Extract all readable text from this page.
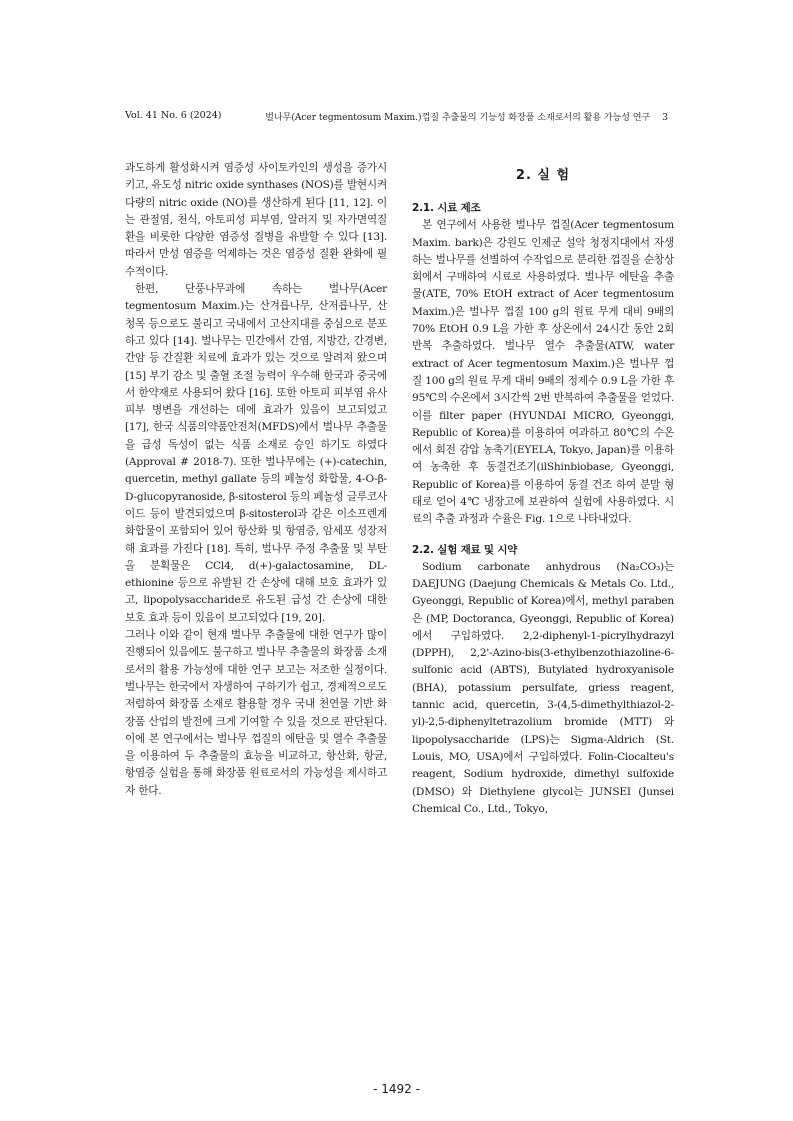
Vol. 41 No. 6 (2024)	벌나무(Acer tegmentosum Maxim.)껍질 추출물의 기능성 화장품 소재로서의 활용 가능성 연구 3

과도하게 활성화시켜 염증성 사이토카인의 생성을 증가시키고, 유도성 nitric oxide synthases (NOS)를 발현시켜 다량의 nitric oxide (NO)를 생산하게 된다 [11, 12]. 이는 관절염, 천식, 아토피성 피부염, 알러지 및 자가면역질환을 비롯한 다양한 염증성 질병을 유발할 수 있다 [13]. 따라서 만성 염증을 억제하는 것은 염증성 질환 완화에 필수적이다.

한편, 단풍나무과에 속하는 벌나무(Acer tegmentosum Maxim.)는 산겨릅나무, 산저릅나무, 산청목 등으로도 불리고 국내에서 고산지대를 중심으로 분포하고 있다 [14]. 벌나무는 민간에서 간염, 지방간, 간경변, 간암 등 간질환 치료에 효과가 있는 것으로 알려져 왔으며 [15] 부기 감소 및 출혈 조절 능력이 우수해 한국과 중국에서 한약재로 사용되어 왔다 [16]. 또한 아토피 피부염 유사 피부 병변을 개선하는 데에 효과가 있음이 보고되었고 [17], 한국 식품의약품안전처(MFDS)에서 벌나무 추출물을 급성 독성이 없는 식품 소재로 승인 하기도 하였다 (Approval # 2018-7). 또한 벌나무에는 (+)-catechin, quercetin, methyl gallate 등의 페놀성 화합물, 4-O-β-D-glucopyranoside, β-sitosterol 등의 페놀성 글루코사이드 등이 발견되었으며 β-sitosterol과 같은 이소프렌계 화합물이 포함되어 있어 항산화 및 항염증, 암세포 성장저해 효과를 가진다 [18]. 특히, 벌나무 주정 추출물 및 부탄올 분획물은 CCl4, d(+)-galactosamine, DL-ethionine 등으로 유발된 간 손상에 대해 보호 효과가 있고, lipopolysaccharide로 유도된 급성 간 손상에 대한 보호 효과 등이 있음이 보고되었다 [19, 20].

그러나 이와 같이 현재 벌나무 추출물에 대한 연구가 많이 진행되어 있음에도 불구하고 벌나무 추출물의 화장품 소재로서의 활용 가능성에 대한 연구 보고는 저조한 실정이다. 벌나무는 한국에서 자생하여 구하기가 쉽고, 경제적으로도 저렴하여 화장품 소재로 활용할 경우 국내 천연물 기반 화장품 산업의 발전에 크게 기여할 수 있을 것으로 판단된다. 이에 본 연구에서는 벌나무 껍질의 에탄올 및 열수 추출물을 이용하여 두 추출물의 효능을 비교하고, 항산화, 항균, 항염증 실험을 통해 화장품 원료로서의 가능성을 제시하고자 한다.

2. 실 험
2.1. 시료 제조

본 연구에서 사용한 벌나무 껍질(Acer tegmentosum Maxim. bark)은 강원도 인제군 설악 청정지대에서 자생하는 벌나무를 선별하여 수작업으로 분리한 껍질을 순창상회에서 구매하여 시료로 사용하였다. 벌나무 에탄올 추출물(ATE, 70% EtOH extract of Acer tegmentosum Maxim.)은 벌나무 껍질 100 g의 원료 무게 대비 9배의 70% EtOH 0.9 L을 가한 후 상온에서 24시간 동안 2회 반복 추출하였다. 벌나무 열수 추출물(ATW, water extract of Acer tegmentosum Maxim.)은 벌나무 껍질 100 g의 원료 무게 대비 9배의 정제수 0.9 L을 가한 후 95℃의 수온에서 3시간씩 2번 반복하여 추출물을 얻었다. 이를 filter paper (HYUNDAI MICRO, Gyeonggi, Republic of Korea)를 이용하여 여과하고 80℃의 수온에서 회전 감압 농축기(EYELA, Tokyo, Japan)를 이용하여 농축한 후 동결건조기(ilShinbiobase, Gyeonggi, Republic of Korea)를 이용하여 동결 건조 하여 분말 형태로 얻어 4℃ 냉장고에 보관하여 실험에 사용하였다. 시료의 추출 과정과 수율은 Fig. 1으로 나타내었다.

2.2. 실험 재료 및 시약

Sodium carbonate anhydrous (Na₂CO₃)는 DAEJUNG (Daejung Chemicals & Metals Co. Ltd., Gyeonggi, Republic of Korea)에서, methyl paraben은 (MP, Doctoranca, Gyeonggi, Republic of Korea)에서 구입하였다. 2,2-diphenyl-1-picrylhydrazyl (DPPH), 2,2'-Azino-bis(3-ethylbenzothiazoline-6-sulfonic acid (ABTS), Butylated hydroxyanisole (BHA), potassium persulfate, griess reagent, tannic acid, quercetin, 3-(4,5-dimethylthiazol-2-yl)-2,5-diphenyltetrazolium bromide (MTT) 와 lipopolysaccharide (LPS)는 Sigma-Aldrich (St. Louis, MO, USA)에서 구입하였다. Folin-Ciocalteu's reagent, Sodium hydroxide, dimethyl sulfoxide (DMSO) 와 Diethylene glycol는 JUNSEI (Junsei Chemical Co., Ltd., Tokyo,

- 1492 -
